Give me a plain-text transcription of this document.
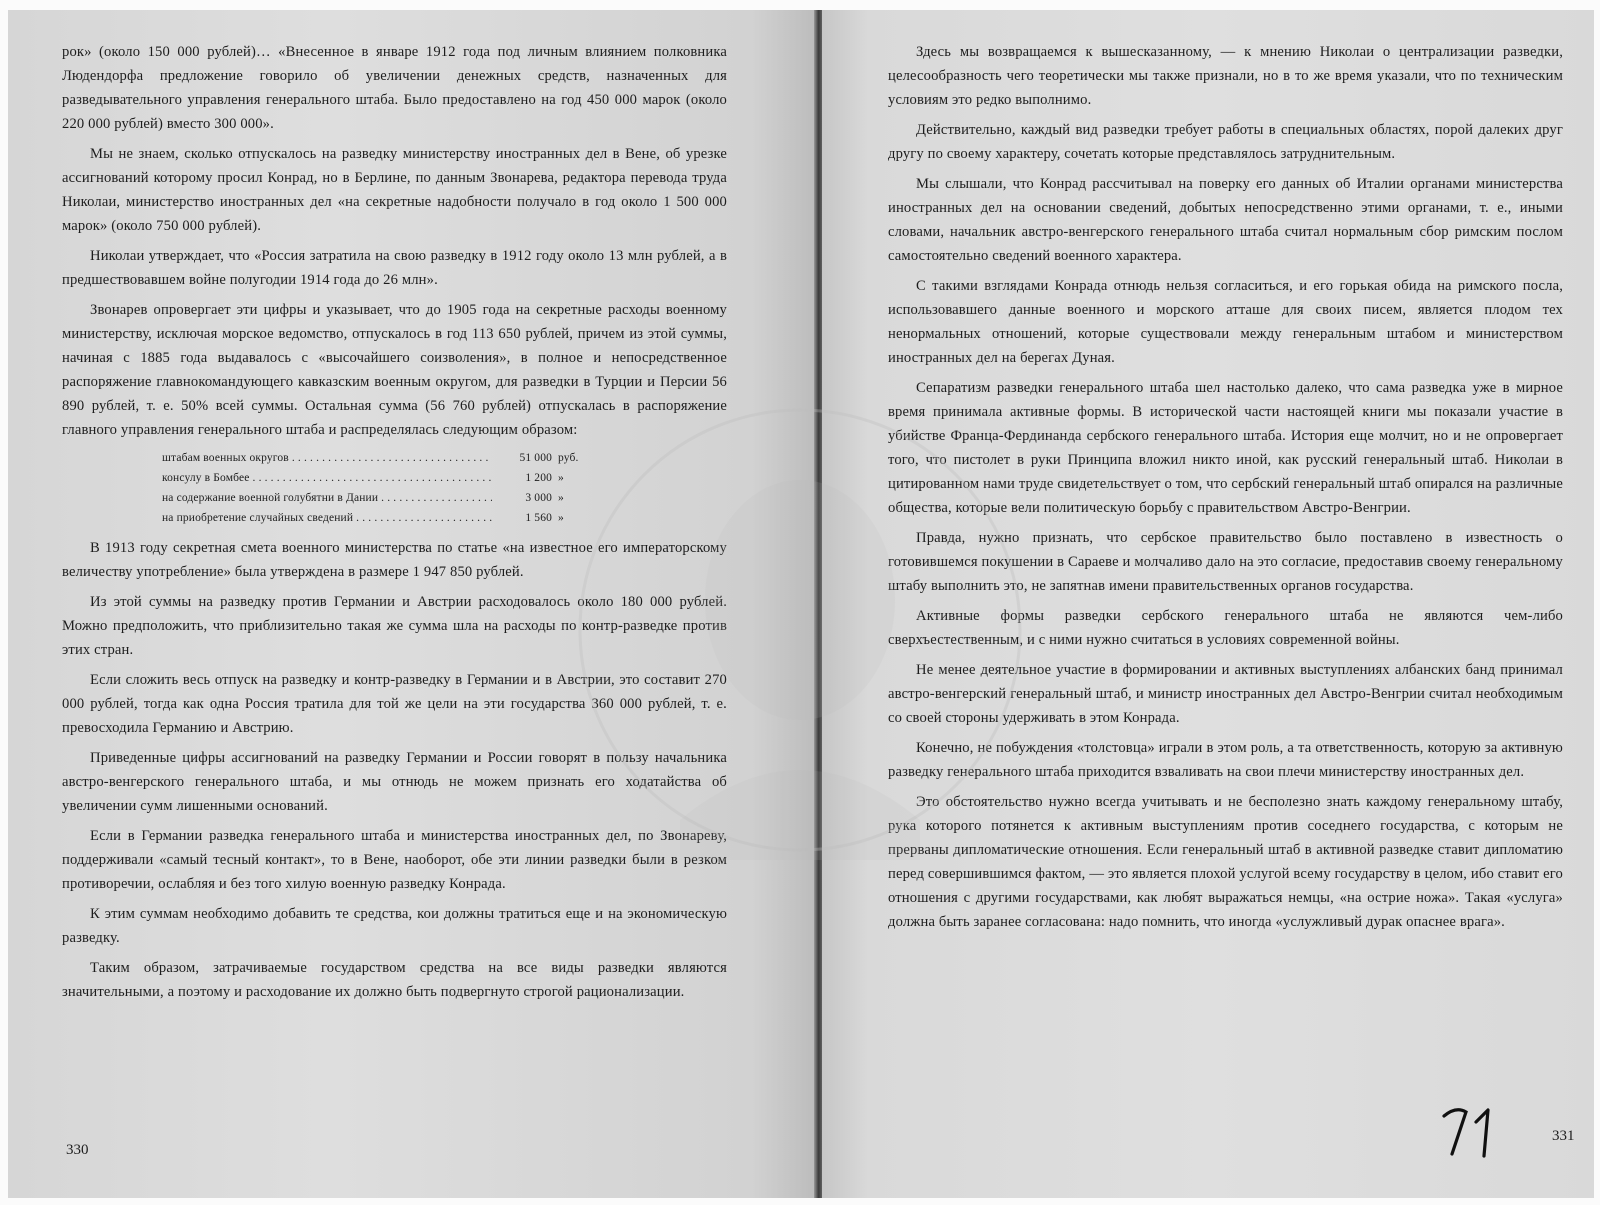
рок» (около 150 000 рублей)… «Внесенное в январе 1912 года под личным влиянием полковника Людендорфа предложение говорило об увеличении денежных средств, назначенных для разведывательного управления генерального штаба. Было предоставлено на год 450 000 марок (около 220 000 рублей) вместо 300 000».

Мы не знаем, сколько отпускалось на разведку министерству иностранных дел в Вене, об урезке ассигнований которому просил Конрад, но в Берлине, по данным Звонарева, редактора перевода труда Николаи, министерство иностранных дел «на секретные надобности получало в год около 1 500 000 марок» (около 750 000 рублей).

Николаи утверждает, что «Россия затратила на свою разведку в 1912 году около 13 млн рублей, а в предшествовавшем войне полугодии 1914 года до 26 млн».

Звонарев опровергает эти цифры и указывает, что до 1905 года на секретные расходы военному министерству, исключая морское ведомство, отпускалось в год 113 650 рублей, причем из этой суммы, начиная с 1885 года выдавалось с «высочайшего соизволения», в полное и непосредственное распоряжение главнокомандующего кавказским военным округом, для разведки в Турции и Персии 56 890 рублей, т. е. 50% всей суммы. Остальная сумма (56 760 рублей) отпускалась в распоряжение главного управления генерального штаба и распределялась следующим образом:

штабам военных округов . . .	51 000 руб.
консулу в Бомбее . . .	1 200 »
на содержание военной голубятни в Дании . . .	3 000 »
на приобретение случайных сведений . . .	1 560 »

В 1913 году секретная смета военного министерства по статье «на известное его императорскому величеству употребление» была утверждена в размере 1 947 850 рублей.

Из этой суммы на разведку против Германии и Австрии расходовалось около 180 000 рублей. Можно предположить, что приблизительно такая же сумма шла на расходы по контр-разведке против этих стран.

Если сложить весь отпуск на разведку и контр-разведку в Германии и в Австрии, это составит 270 000 рублей, тогда как одна Россия тратила для той же цели на эти государства 360 000 рублей, т. е. превосходила Германию и Австрию.

Приведенные цифры ассигнований на разведку Германии и России говорят в пользу начальника австро-венгерского генерального штаба, и мы отнюдь не можем признать его ходатайства об увеличении сумм лишенными оснований.

Если в Германии разведка генерального штаба и министерства иностранных дел, по Звонареву, поддерживали «самый тесный контакт», то в Вене, наоборот, обе эти линии разведки были в резком противоречии, ослабляя и без того хилую военную разведку Конрада.

К этим суммам необходимо добавить те средства, кои должны тратиться еще и на экономическую разведку.

Таким образом, затрачиваемые государством средства на все виды разведки являются значительными, а поэтому и расходование их должно быть подвергнуто строгой рационализации.

330

Здесь мы возвращаемся к вышесказанному, — к мнению Николаи о централизации разведки, целесообразность чего теоретически мы также признали, но в то же время указали, что по техническим условиям это редко выполнимо.

Действительно, каждый вид разведки требует работы в специальных областях, порой далеких друг другу по своему характеру, сочетать которые представлялось затруднительным.

Мы слышали, что Конрад рассчитывал на поверку его данных об Италии органами министерства иностранных дел на основании сведений, добытых непосредственно этими органами, т. е., иными словами, начальник австро-венгерского генерального штаба считал нормальным сбор римским послом самостоятельно сведений военного характера.

С такими взглядами Конрада отнюдь нельзя согласиться, и его горькая обида на римского посла, использовавшего данные военного и морского атташе для своих писем, является плодом тех ненормальных отношений, которые существовали между генеральным штабом и министерством иностранных дел на берегах Дуная.

Сепаратизм разведки генерального штаба шел настолько далеко, что сама разведка уже в мирное время принимала активные формы. В исторической части настоящей книги мы показали участие в убийстве Франца-Фердинанда сербского генерального штаба. История еще молчит, но и не опровергает того, что пистолет в руки Принципа вложил никто иной, как русский генеральный штаб. Николаи в цитированном нами труде свидетельствует о том, что сербский генеральный штаб опирался на различные общества, которые вели политическую борьбу с правительством Австро-Венгрии.

Правда, нужно признать, что сербское правительство было поставлено в известность о готовившемся покушении в Сараеве и молчаливо дало на это согласие, предоставив своему генеральному штабу выполнить это, не запятнав имени правительственных органов государства.

Активные формы разведки сербского генерального штаба не являются чем-либо сверхъестественным, и с ними нужно считаться в условиях современной войны.

Не менее деятельное участие в формировании и активных выступлениях албанских банд принимал австро-венгерский генеральный штаб, и министр иностранных дел Австро-Венгрии считал необходимым со своей стороны удерживать в этом Конрада.

Конечно, не побуждения «толстовца» играли в этом роль, а та ответственность, которую за активную разведку генерального штаба приходится взваливать на свои плечи министерству иностранных дел.

Это обстоятельство нужно всегда учитывать и не бесполезно знать каждому генеральному штабу, рука которого потянется к активным выступлениям против соседнего государства, с которым не прерваны дипломатические отношения. Если генеральный штаб в активной разведке ставит дипломатию перед совершившимся фактом, — это является плохой услугой всему государству в целом, ибо ставит его отношения с другими государствами, как любят выражаться немцы, «на острие ножа». Такая «услуга» должна быть заранее согласована: надо помнить, что иногда «услужливый дурак опаснее врага».

331
